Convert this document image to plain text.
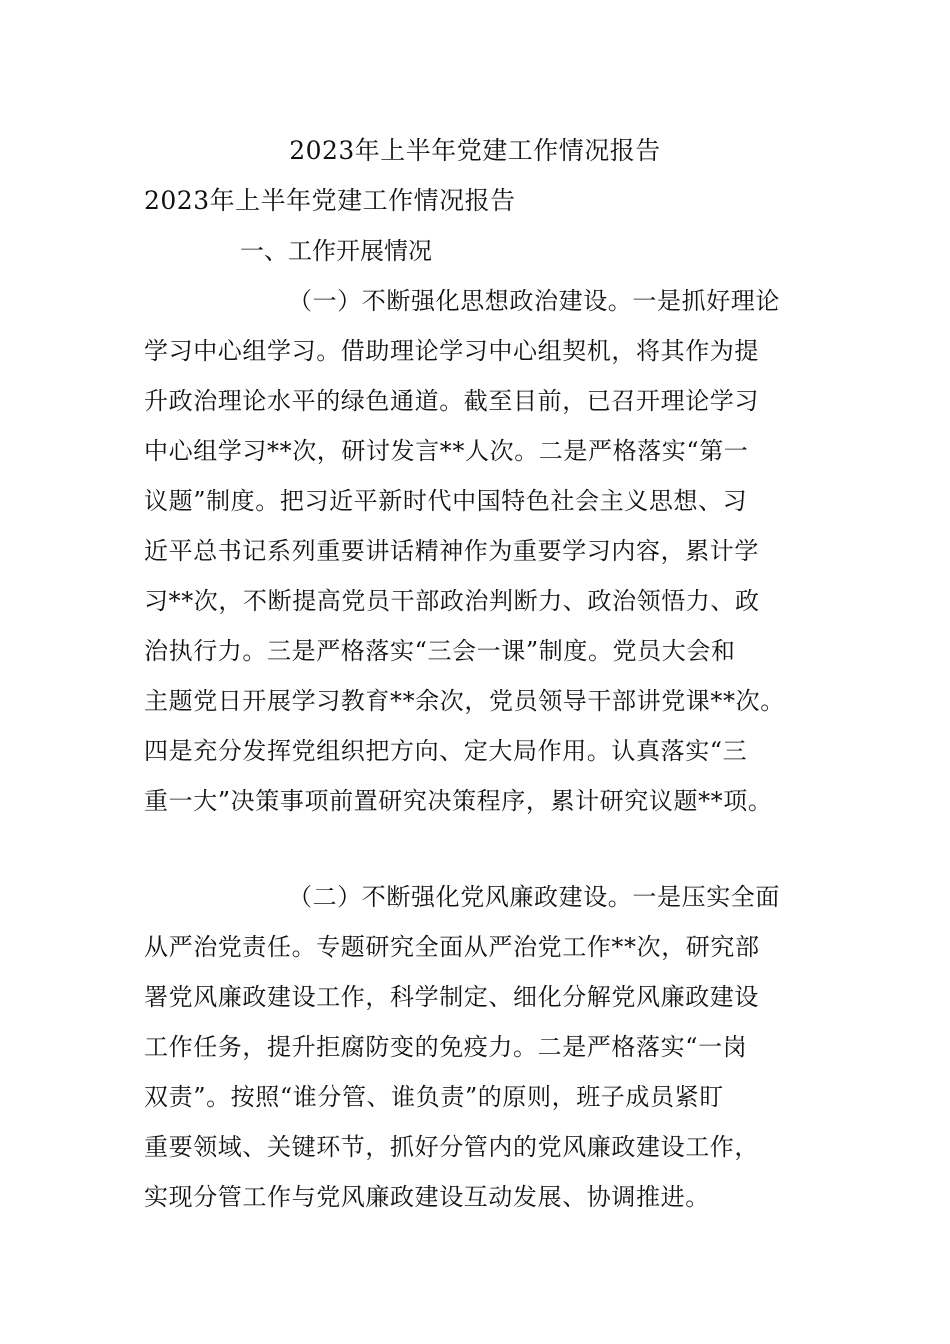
2023年上半年党建工作情况报告
2023年上半年党建工作情况报告
一、工作开展情况

（一）不断强化思想政治建设。一是抓好理论

学习中心组学习。借助理论学习中心组契机，将其作为提

升政治理论水平的绿色通道。截至目前，已召开理论学习

中心组学习**次，研讨发言**人次。二是严格落实“第一

议题”制度。把习近平新时代中国特色社会主义思想、习

近平总书记系列重要讲话精神作为重要学习内容，累计学

习**次，不断提高党员干部政治判断力、政治领悟力、政

治执行力。三是严格落实“三会一课”制度。党员大会和

主题党日开展学习教育**余次，党员领导干部讲党课**次。

四是充分发挥党组织把方向、定大局作用。认真落实“三

重一大”决策事项前置研究决策程序，累计研究议题**项。

（二）不断强化党风廉政建设。一是压实全面

从严治党责任。专题研究全面从严治党工作**次，研究部

署党风廉政建设工作，科学制定、细化分解党风廉政建设

工作任务，提升拒腐防变的免疫力。二是严格落实“一岗

双责”。按照“谁分管、谁负责”的原则，班子成员紧盯

重要领域、关键环节，抓好分管内的党风廉政建设工作，

实现分管工作与党风廉政建设互动发展、协调推进。
